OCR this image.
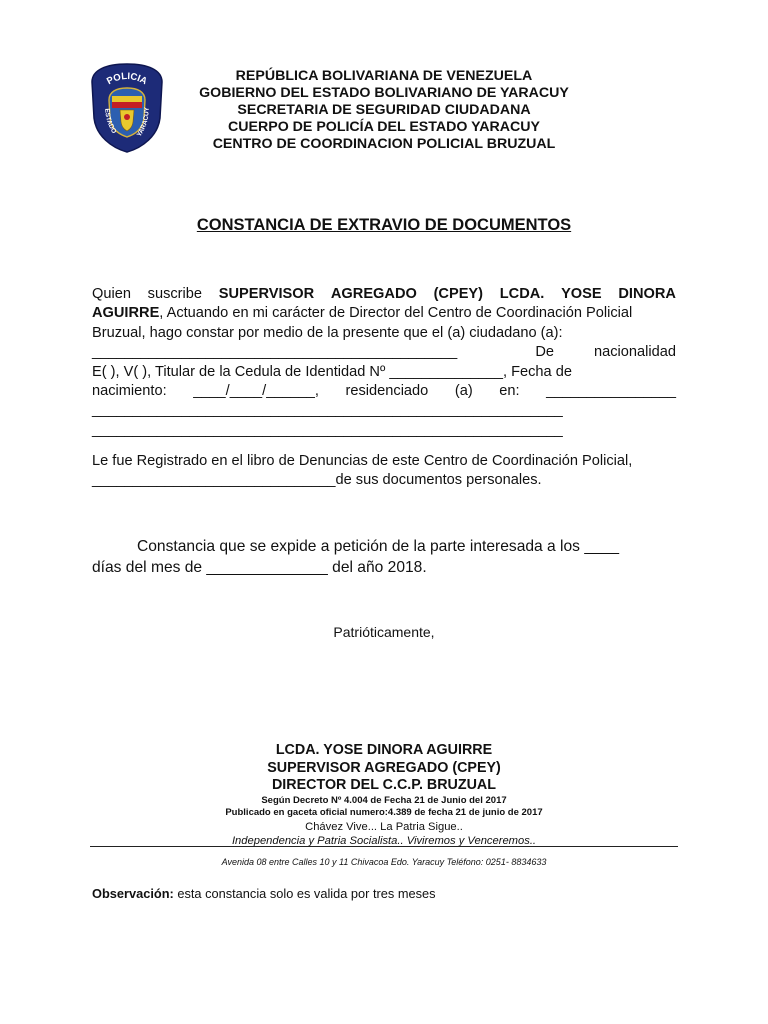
POLICIA
ESTADO	YARACUY
REPÚBLICA BOLIVARIANA DE VENEZUELA
GOBIERNO DEL ESTADO BOLIVARIANO DE YARACUY
SECRETARIA DE SEGURIDAD CIUDADANA
CUERPO DE POLICÍA DEL ESTADO YARACUY
CENTRO DE COORDINACION POLICIAL BRUZUAL
CONSTANCIA DE EXTRAVIO DE DOCUMENTOS
Quien suscribe SUPERVISOR AGREGADO (CPEY) LCDA. YOSE DINORA
AGUIRRE, Actuando en mi carácter de Director del Centro de Coordinación Policial
Bruzual, hago constar por medio de la presente que el (a) ciudadano (a):
_____________________________________________	De	nacionalidad
E( ), V( ), Titular de la Cedula de Identidad Nº ______________, Fecha de
nacimiento: ____/____/______, residenciado (a) en: ________________
__________________________________________________________
__________________________________________________________
Le fue Registrado en el libro de Denuncias de este Centro de Coordinación Policial,
______________________________de sus documentos personales.
Constancia que se expide a petición de la parte interesada a los ____
días del mes de ______________ del año 2018.
Patrióticamente,
LCDA. YOSE DINORA AGUIRRE
SUPERVISOR AGREGADO (CPEY)
DIRECTOR DEL C.C.P. BRUZUAL
Según Decreto Nº 4.004 de Fecha 21 de Junio del 2017
Publicado en gaceta oficial numero:4.389 de fecha 21 de junio de 2017
Chávez Vive... La Patria Sigue..
Independencia y Patria Socialista.. Viviremos y Venceremos..
Avenida 08 entre Calles 10 y 11 Chivacoa Edo. Yaracuy Teléfono: 0251- 8834633
Observación: esta constancia solo es valida por tres meses
